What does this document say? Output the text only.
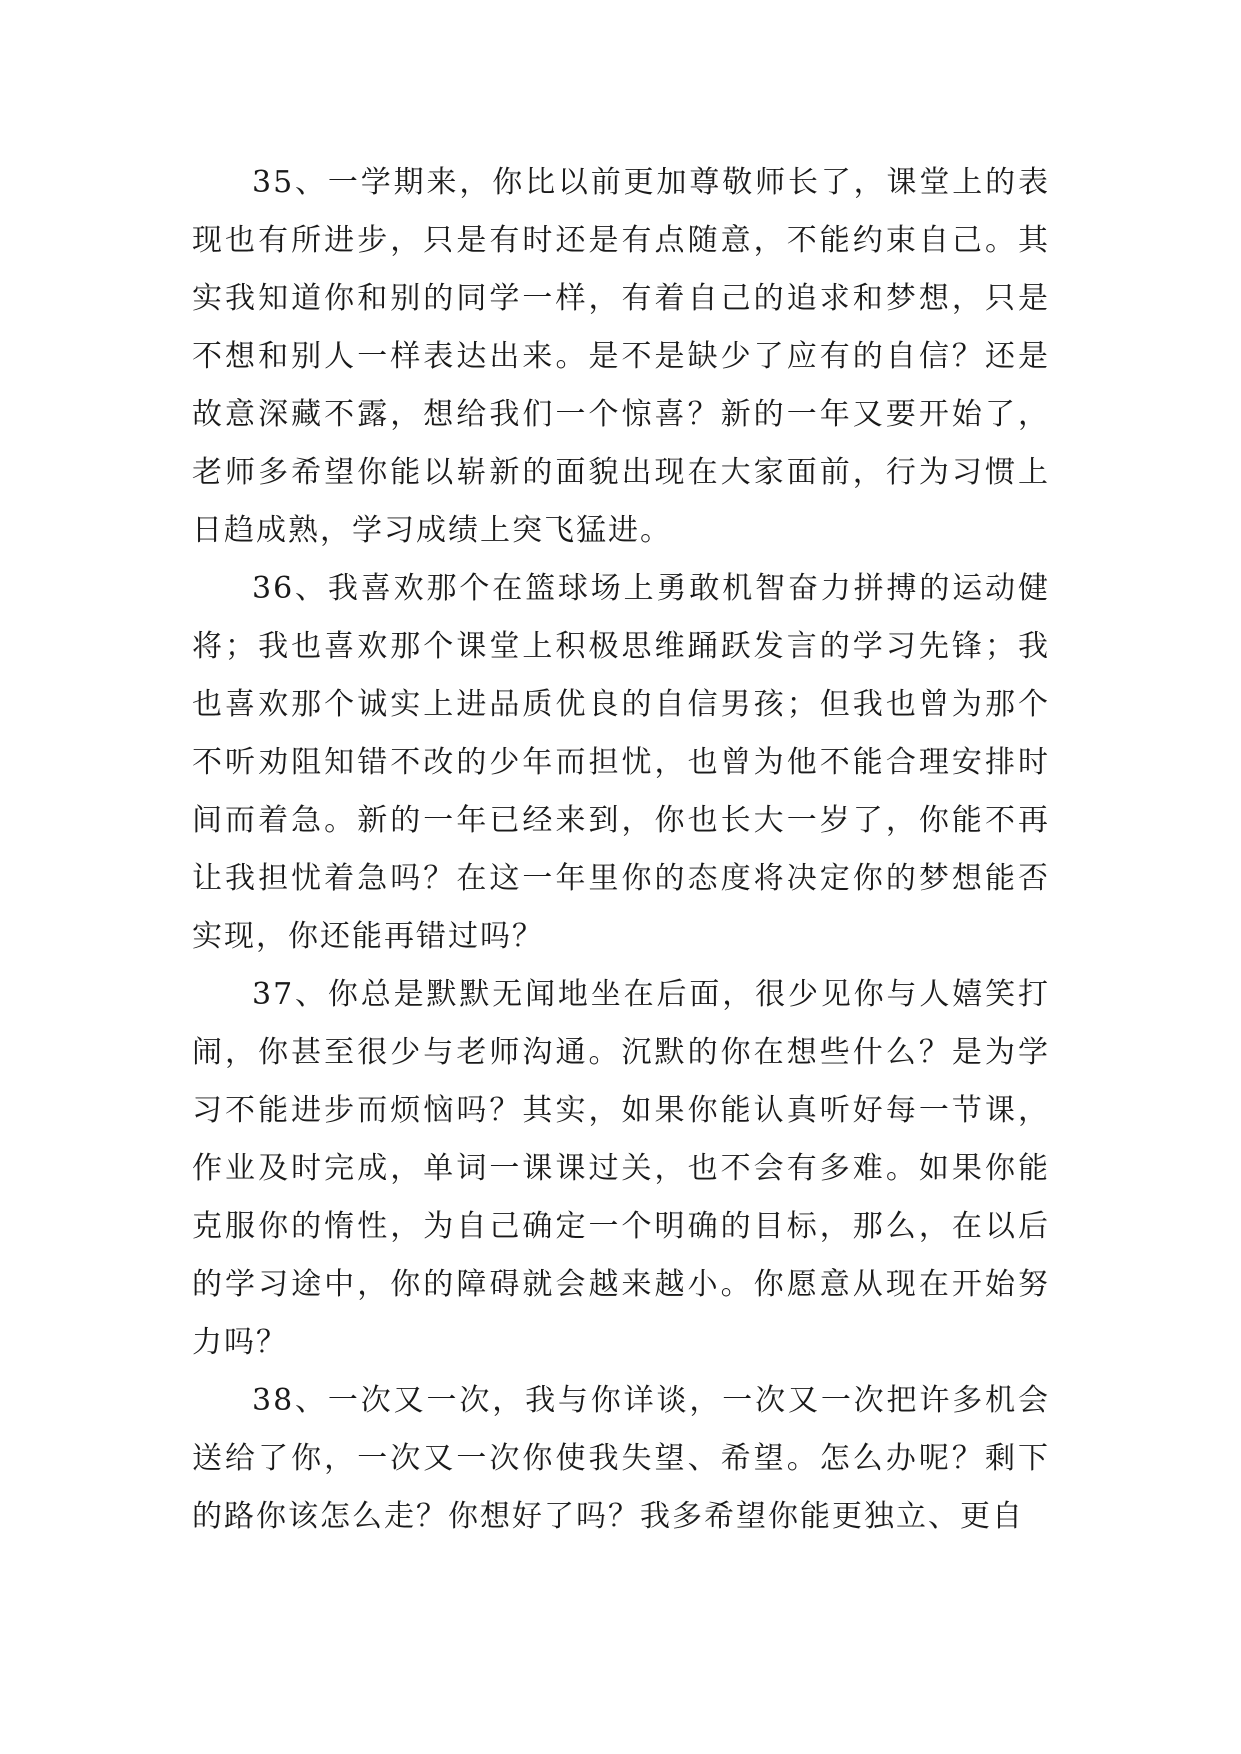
35、一学期来，你比以前更加尊敬师长了，课堂上的表现也有所进步，只是有时还是有点随意，不能约束自己。其实我知道你和别的同学一样，有着自己的追求和梦想，只是不想和别人一样表达出来。是不是缺少了应有的自信？还是故意深藏不露，想给我们一个惊喜？新的一年又要开始了，老师多希望你能以崭新的面貌出现在大家面前，行为习惯上日趋成熟，学习成绩上突飞猛进。

36、我喜欢那个在篮球场上勇敢机智奋力拼搏的运动健将；我也喜欢那个课堂上积极思维踊跃发言的学习先锋；我也喜欢那个诚实上进品质优良的自信男孩；但我也曾为那个不听劝阻知错不改的少年而担忧，也曾为他不能合理安排时间而着急。新的一年已经来到，你也长大一岁了，你能不再让我担忧着急吗？在这一年里你的态度将决定你的梦想能否实现，你还能再错过吗？

37、你总是默默无闻地坐在后面，很少见你与人嬉笑打闹，你甚至很少与老师沟通。沉默的你在想些什么？是为学习不能进步而烦恼吗？其实，如果你能认真听好每一节课，作业及时完成，单词一课课过关，也不会有多难。如果你能克服你的惰性，为自己确定一个明确的目标，那么，在以后的学习途中，你的障碍就会越来越小。你愿意从现在开始努力吗？

38、一次又一次，我与你详谈，一次又一次把许多机会送给了你，一次又一次你使我失望、希望。怎么办呢？剩下的路你该怎么走？你想好了吗？我多希望你能更独立、更自
